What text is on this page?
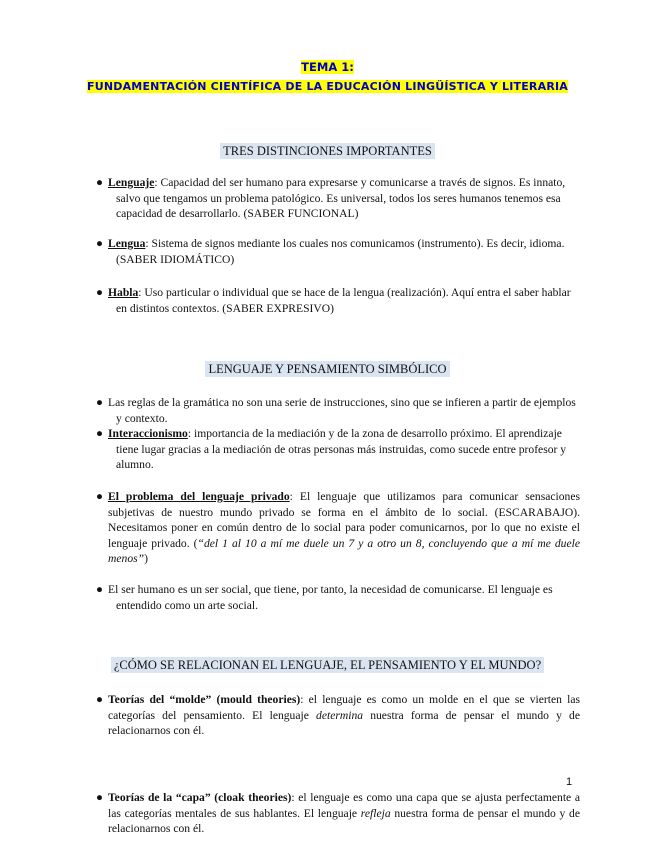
TEMA 1:
FUNDAMENTACIÓN CIENTÍFICA DE LA EDUCACIÓN LINGÜÍSTICA Y LITERARIA
TRES DISTINCIONES IMPORTANTES
● Lenguaje: Capacidad del ser humano para expresarse y comunicarse a través de signos. Es innato, salvo que tengamos un problema patológico. Es universal, todos los seres humanos tenemos esa capacidad de desarrollarlo. (SABER FUNCIONAL)
● Lengua: Sistema de signos mediante los cuales nos comunicamos (instrumento). Es decir, idioma. (SABER IDIOMÁTICO)
● Habla: Uso particular o individual que se hace de la lengua (realización). Aquí entra el saber hablar en distintos contextos. (SABER EXPRESIVO)
LENGUAJE Y PENSAMIENTO SIMBÓLICO
● Las reglas de la gramática no son una serie de instrucciones, sino que se infieren a partir de ejemplos y contexto.
● Interaccionismo: importancia de la mediación y de la zona de desarrollo próximo. El aprendizaje tiene lugar gracias a la mediación de otras personas más instruidas, como sucede entre profesor y alumno.
● El problema del lenguaje privado: El lenguaje que utilizamos para comunicar sensaciones subjetivas de nuestro mundo privado se forma en el ámbito de lo social. (ESCARABAJO). Necesitamos poner en común dentro de lo social para poder comunicarnos, por lo que no existe el lenguaje privado. (“del 1 al 10 a mí me duele un 7 y a otro un 8, concluyendo que a mí me duele menos”)
● El ser humano es un ser social, que tiene, por tanto, la necesidad de comunicarse. El lenguaje es entendido como un arte social.
¿CÓMO SE RELACIONAN EL LENGUAJE, EL PENSAMIENTO Y EL MUNDO?
● Teorías del “molde” (mould theories): el lenguaje es como un molde en el que se vierten las categorías del pensamiento. El lenguaje determina nuestra forma de pensar el mundo y de relacionarnos con él.
1
● Teorías de la “capa” (cloak theories): el lenguaje es como una capa que se ajusta perfectamente a las categorías mentales de sus hablantes. El lenguaje refleja nuestra forma de pensar el mundo y de relacionarnos con él.
